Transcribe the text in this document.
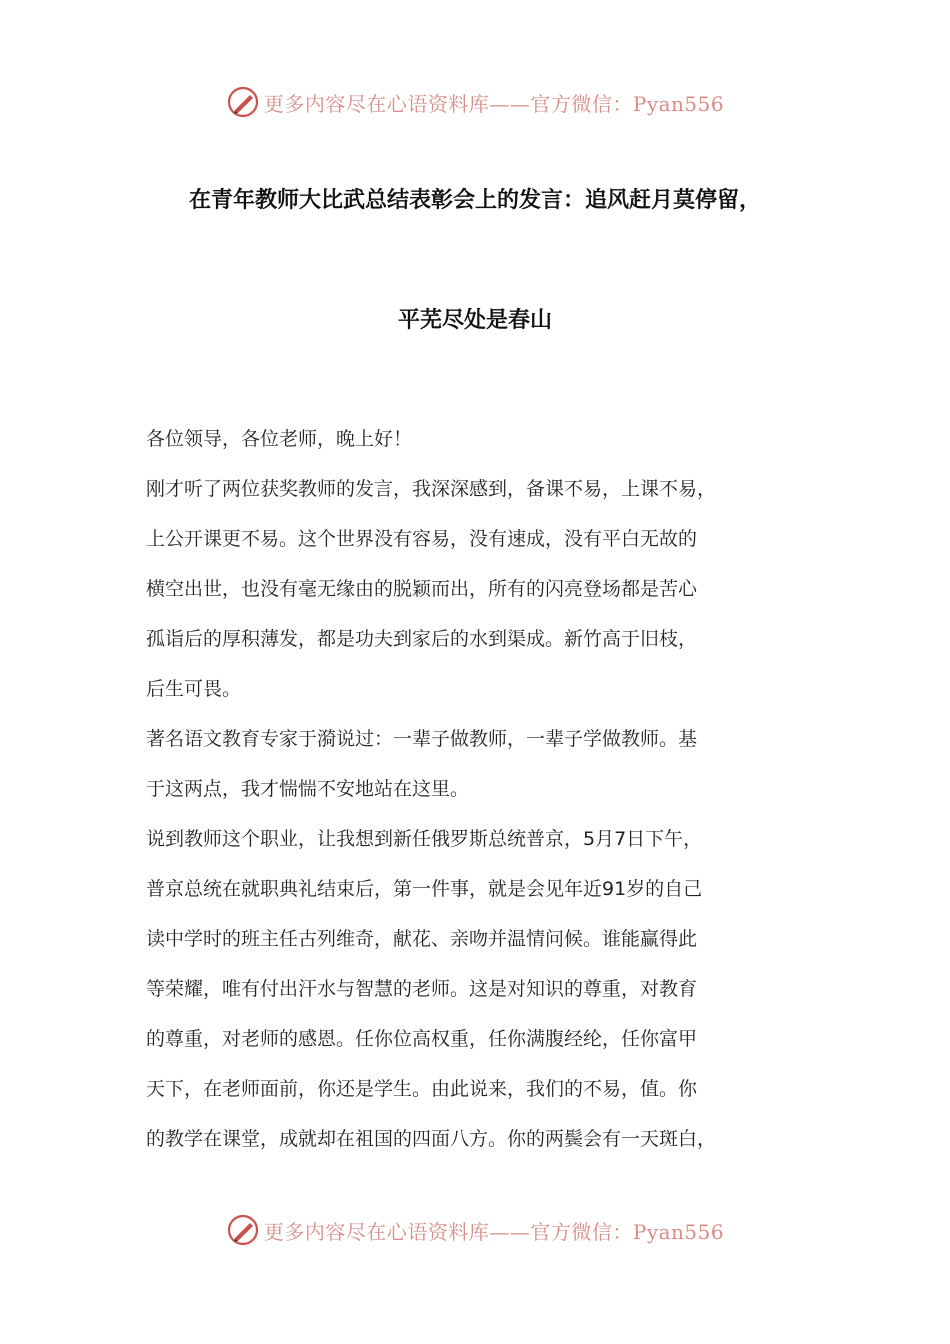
更多内容尽在心语资料库——官方微信：Pyan556
在青年教师大比武总结表彰会上的发言：追风赶月莫停留，
平芜尽处是春山

各位领导，各位老师，晚上好！

刚才听了两位获奖教师的发言，我深深感到，备课不易，上课不易，

上公开课更不易。这个世界没有容易，没有速成，没有平白无故的

横空出世，也没有毫无缘由的脱颖而出，所有的闪亮登场都是苦心

孤诣后的厚积薄发，都是功夫到家后的水到渠成。新竹高于旧枝，

后生可畏。

著名语文教育专家于漪说过：一辈子做教师，一辈子学做教师。基

于这两点，我才惴惴不安地站在这里。

说到教师这个职业，让我想到新任俄罗斯总统普京，5月7日下午，

普京总统在就职典礼结束后，第一件事，就是会见年近91岁的自己

读中学时的班主任古列维奇，献花、亲吻并温情问候。谁能赢得此

等荣耀，唯有付出汗水与智慧的老师。这是对知识的尊重，对教育

的尊重，对老师的感恩。任你位高权重，任你满腹经纶，任你富甲

天下，在老师面前，你还是学生。由此说来，我们的不易，值。你

的教学在课堂，成就却在祖国的四面八方。你的两鬓会有一天斑白，

更多内容尽在心语资料库——官方微信：Pyan556
